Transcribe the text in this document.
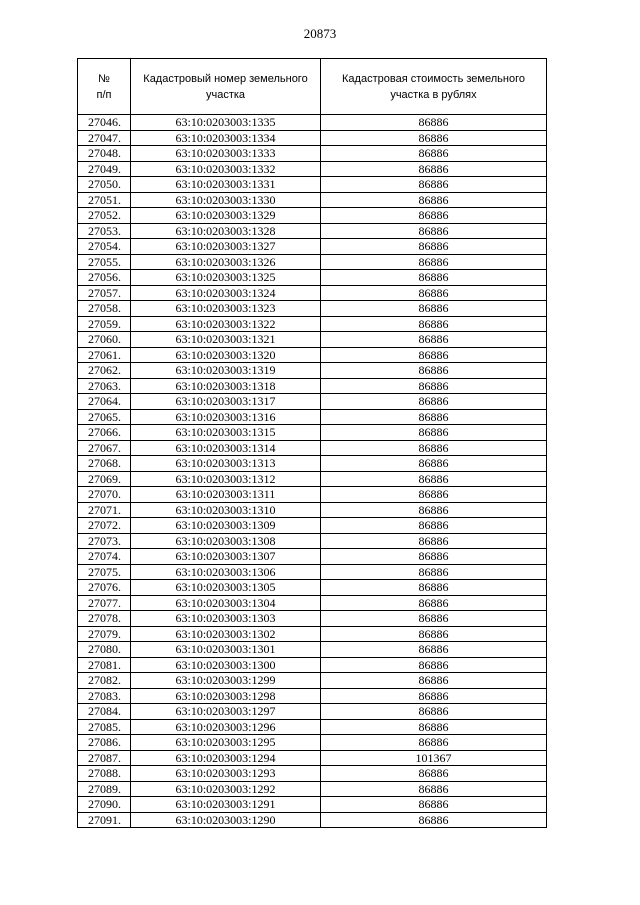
20873
№
п/п	Кадастровый номер земельного участка	Кадастровая стоимость земельного участка в рублях
27046.	63:10:0203003:1335	86886
27047.	63:10:0203003:1334	86886
27048.	63:10:0203003:1333	86886
27049.	63:10:0203003:1332	86886
27050.	63:10:0203003:1331	86886
27051.	63:10:0203003:1330	86886
27052.	63:10:0203003:1329	86886
27053.	63:10:0203003:1328	86886
27054.	63:10:0203003:1327	86886
27055.	63:10:0203003:1326	86886
27056.	63:10:0203003:1325	86886
27057.	63:10:0203003:1324	86886
27058.	63:10:0203003:1323	86886
27059.	63:10:0203003:1322	86886
27060.	63:10:0203003:1321	86886
27061.	63:10:0203003:1320	86886
27062.	63:10:0203003:1319	86886
27063.	63:10:0203003:1318	86886
27064.	63:10:0203003:1317	86886
27065.	63:10:0203003:1316	86886
27066.	63:10:0203003:1315	86886
27067.	63:10:0203003:1314	86886
27068.	63:10:0203003:1313	86886
27069.	63:10:0203003:1312	86886
27070.	63:10:0203003:1311	86886
27071.	63:10:0203003:1310	86886
27072.	63:10:0203003:1309	86886
27073.	63:10:0203003:1308	86886
27074.	63:10:0203003:1307	86886
27075.	63:10:0203003:1306	86886
27076.	63:10:0203003:1305	86886
27077.	63:10:0203003:1304	86886
27078.	63:10:0203003:1303	86886
27079.	63:10:0203003:1302	86886
27080.	63:10:0203003:1301	86886
27081.	63:10:0203003:1300	86886
27082.	63:10:0203003:1299	86886
27083.	63:10:0203003:1298	86886
27084.	63:10:0203003:1297	86886
27085.	63:10:0203003:1296	86886
27086.	63:10:0203003:1295	86886
27087.	63:10:0203003:1294	101367
27088.	63:10:0203003:1293	86886
27089.	63:10:0203003:1292	86886
27090.	63:10:0203003:1291	86886
27091.	63:10:0203003:1290	86886
